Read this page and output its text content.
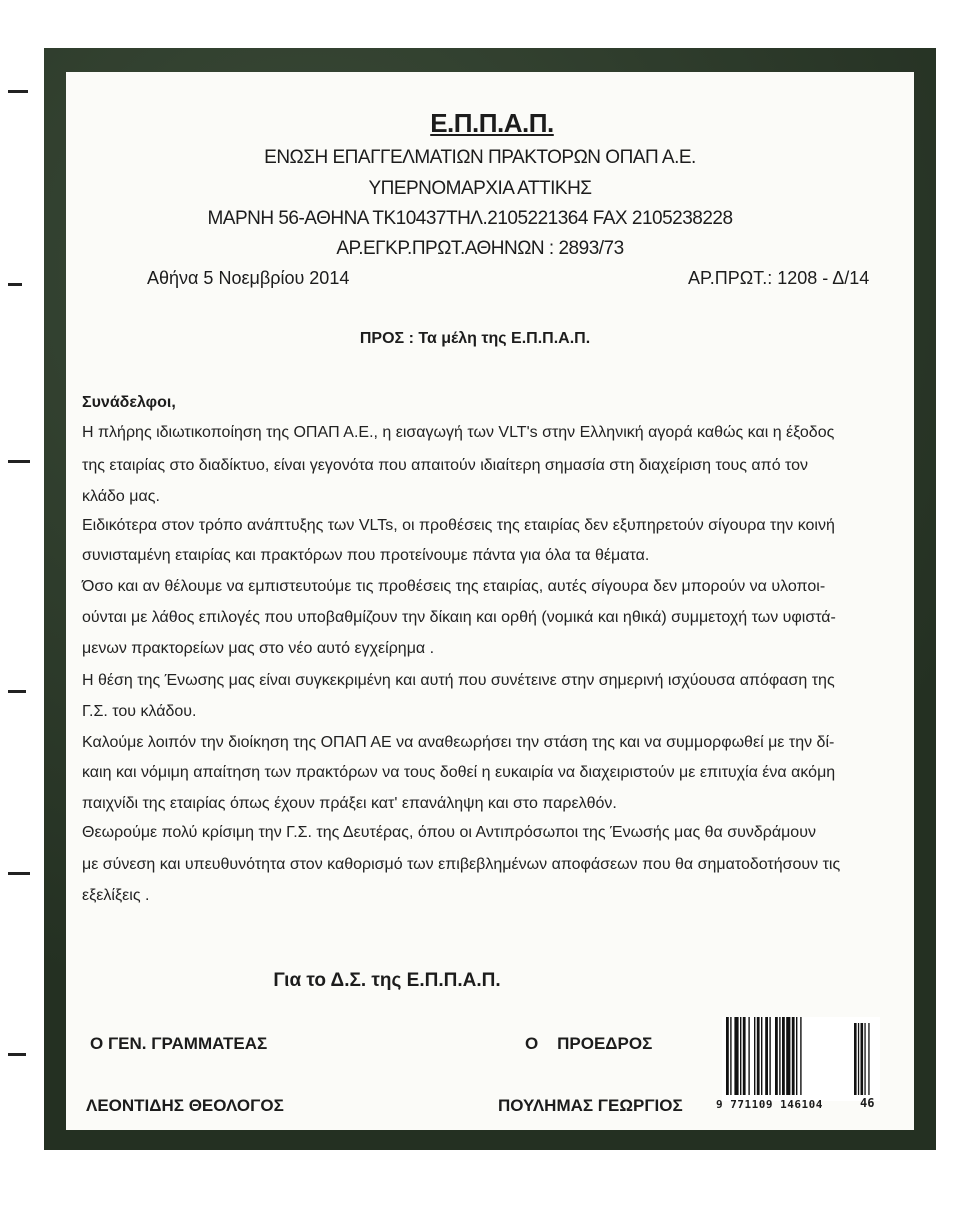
Ε.Π.Π.Α.Π.
ΕΝΩΣΗ ΕΠΑΓΓΕΛΜΑΤΙΩΝ ΠΡΑΚΤΟΡΩΝ ΟΠΑΠ Α.Ε.
ΥΠΕΡΝΟΜΑΡΧΙΑ ΑΤΤΙΚΗΣ
ΜΑΡΝΗ 56-ΑΘΗΝΑ ΤΚ10437ΤΗΛ.2105221364 FAX 2105238228
ΑΡ.ΕΓΚΡ.ΠΡΩΤ.ΑΘΗΝΩΝ : 2893/73
Αθήνα 5 Νοεμβρίου 2014	ΑΡ.ΠΡΩΤ.: 1208 - Δ/14
ΠΡΟΣ : Τα μέλη της Ε.Π.Π.Α.Π.
Συνάδελφοι,
Η πλήρης ιδιωτικοποίηση της ΟΠΑΠ Α.Ε., η εισαγωγή των VLT's στην Ελληνική αγορά καθώς και η έξοδος
της εταιρίας στο διαδίκτυο, είναι γεγονότα που απαιτούν ιδιαίτερη σημασία στη διαχείριση τους από τον
κλάδο μας.
Ειδικότερα στον τρόπο ανάπτυξης των VLTs, οι προθέσεις της εταιρίας δεν εξυπηρετούν σίγουρα την κοινή
συνισταμένη εταιρίας και πρακτόρων που προτείνουμε πάντα για όλα τα θέματα.
Όσο και αν θέλουμε να εμπιστευτούμε τις προθέσεις της εταιρίας, αυτές σίγουρα δεν μπορούν να υλοποι-
ούνται με λάθος επιλογές που υποβαθμίζουν την δίκαιη και ορθή (νομικά και ηθικά) συμμετοχή των υφιστά-
μενων πρακτορείων μας στο νέο αυτό εγχείρημα .
Η θέση της Ένωσης μας είναι συγκεκριμένη και αυτή που συνέτεινε στην σημερινή ισχύουσα απόφαση της
Γ.Σ. του κλάδου.
Καλούμε λοιπόν την διοίκηση της ΟΠΑΠ ΑΕ να αναθεωρήσει την στάση της και να συμμορφωθεί με την δί-
καιη και νόμιμη απαίτηση των πρακτόρων να τους δοθεί η ευκαιρία να διαχειριστούν με επιτυχία ένα ακόμη
παιχνίδι της εταιρίας όπως έχουν πράξει κατ' επανάληψη και στο παρελθόν.
Θεωρούμε πολύ κρίσιμη την Γ.Σ. της Δευτέρας, όπου οι Αντιπρόσωποι της Ένωσής μας θα συνδράμουν
με σύνεση και υπευθυνότητα στον καθορισμό των επιβεβλημένων αποφάσεων που θα σηματοδοτήσουν τις
εξελίξεις .
Για το Δ.Σ. της Ε.Π.Π.Α.Π.
Ο ΓΕΝ. ΓΡΑΜΜΑΤΕΑΣ
ΛΕΟΝΤΙΔΗΣ ΘΕΟΛΟΓΟΣ
Ο    ΠΡΟΕΔΡΟΣ
ΠΟΥΛΗΜΑΣ ΓΕΩΡΓΙΟΣ	9 771109 146104	46
